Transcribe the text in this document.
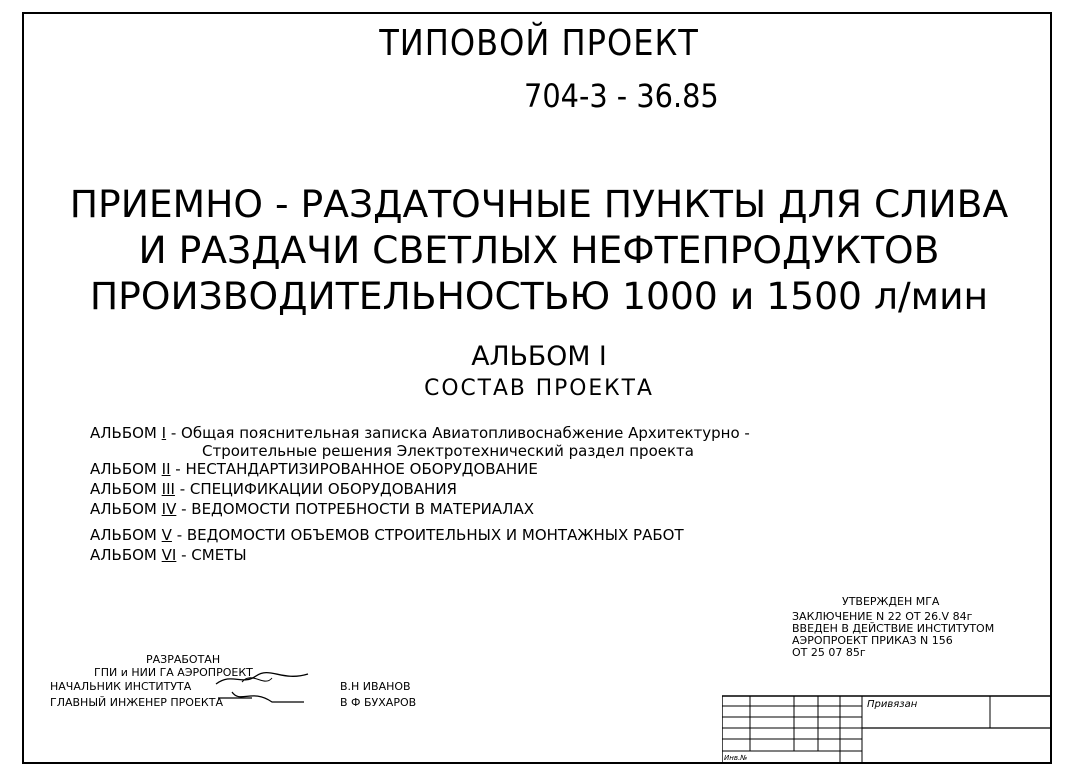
ТИПОВОЙ ПРОЕКТ
704-3 - 36.85
ПРИЕМНО - РАЗДАТОЧНЫЕ ПУНКТЫ ДЛЯ СЛИВА
И РАЗДАЧИ СВЕТЛЫХ НЕФТЕПРОДУКТОВ
ПРОИЗВОДИТЕЛЬНОСТЬЮ 1000 и 1500 л/мин
АЛЬБОМ I
СОСТАВ ПРОЕКТА
АЛЬБОМ I - Общая пояснительная записка Авиатопливоснабжение Архитектурно -
Строительные решения Электротехнический раздел проекта
АЛЬБОМ II - НЕСТАНДАРТИЗИРОВАННОЕ ОБОРУДОВАНИЕ
АЛЬБОМ III - СПЕЦИФИКАЦИИ ОБОРУДОВАНИЯ
АЛЬБОМ IV - ВЕДОМОСТИ ПОТРЕБНОСТИ В МАТЕРИАЛАХ
АЛЬБОМ V - ВЕДОМОСТИ ОБЪЕМОВ СТРОИТЕЛЬНЫХ И МОНТАЖНЫХ РАБОТ
АЛЬБОМ VI - СМЕТЫ
УТВЕРЖДЕН МГА
ЗАКЛЮЧЕНИЕ N 22 ОТ 26.V 84г
ВВЕДЕН В ДЕЙСТВИЕ ИНСТИТУТОМ
АЭРОПРОЕКТ ПРИКАЗ N 156
ОТ 25 07 85г
РАЗРАБОТАН
ГПИ и НИИ ГА АЭРОПРОЕКТ
НАЧАЛЬНИК ИНСТИТУТА	В.Н ИВАНОВ
ГЛАВНЫЙ ИНЖЕНЕР ПРОЕКТА	В Ф БУХАРОВ	Привязан
Инв.№
